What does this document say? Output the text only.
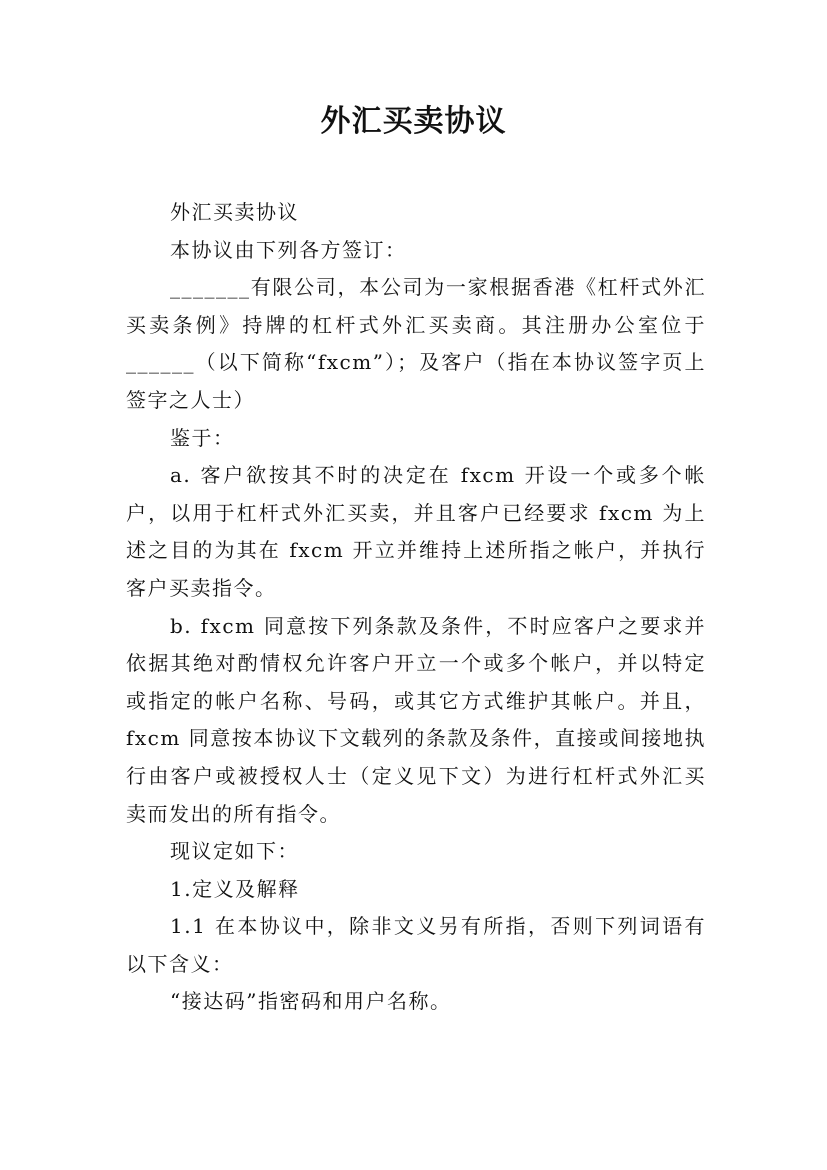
外汇买卖协议

外汇买卖协议

本协议由下列各方签订：

_______有限公司，本公司为一家根据香港《杠杆式外汇买卖条例》持牌的杠杆式外汇买卖商。其注册办公室位于______（以下简称“fxcm”）；及客户（指在本协议签字页上签字之人士）

鉴于：

a. 客户欲按其不时的决定在 fxcm 开设一个或多个帐户，以用于杠杆式外汇买卖，并且客户已经要求 fxcm 为上述之目的为其在 fxcm 开立并维持上述所指之帐户，并执行客户买卖指令。

b. fxcm 同意按下列条款及条件，不时应客户之要求并依据其绝对酌情权允许客户开立一个或多个帐户，并以特定或指定的帐户名称、号码，或其它方式维护其帐户。并且，fxcm 同意按本协议下文载列的条款及条件，直接或间接地执行由客户或被授权人士（定义见下文）为进行杠杆式外汇买卖而发出的所有指令。

现议定如下：

1.定义及解释

1.1 在本协议中，除非文义另有所指，否则下列词语有以下含义：

“接达码”指密码和用户名称。
